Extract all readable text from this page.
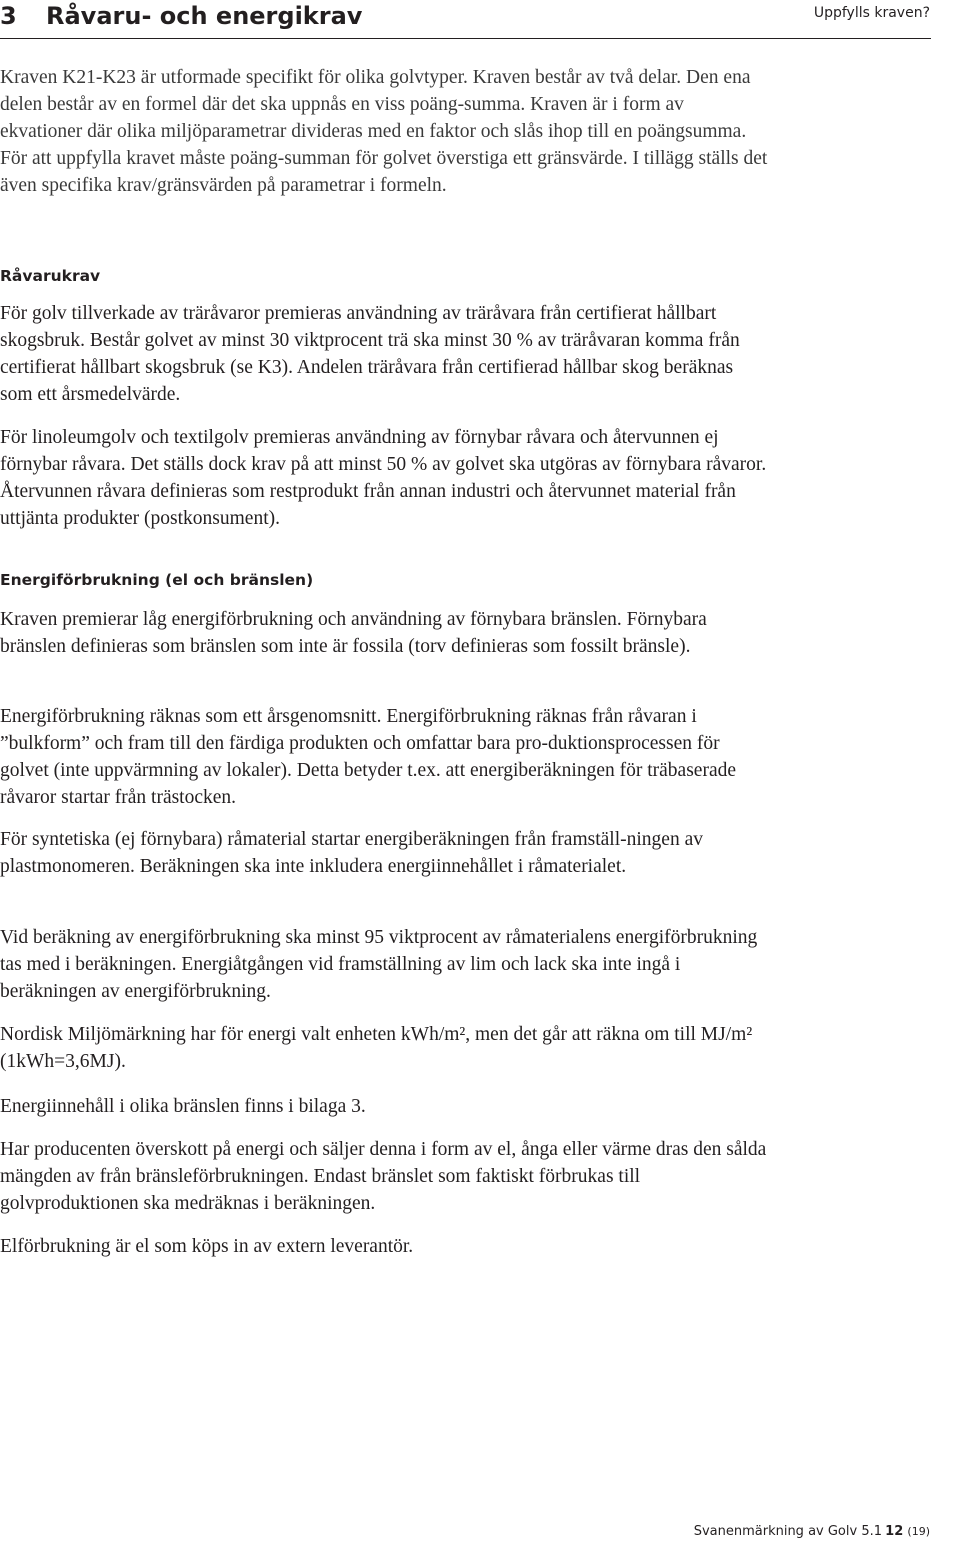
3 Råvaru- och energikrav	Uppfylls kraven?

Kraven K21-K23 är utformade specifikt för olika golvtyper. Kraven består av två delar. Den ena delen består av en formel där det ska uppnås en viss poäng-summa. Kraven är i form av ekvationer där olika miljöparametrar divideras med en faktor och slås ihop till en poängsumma. För att uppfylla kravet måste poäng-summan för golvet överstiga ett gränsvärde. I tillägg ställs det även specifika krav/gränsvärden på parametrar i formeln.

Råvarukrav

För golv tillverkade av träråvaror premieras användning av träråvara från certifierat hållbart skogsbruk. Består golvet av minst 30 viktprocent trä ska minst 30 % av träråvaran komma från certifierat hållbart skogsbruk (se K3). Andelen träråvara från certifierad hållbar skog beräknas som ett årsmedelvärde.

För linoleumgolv och textilgolv premieras användning av förnybar råvara och återvunnen ej förnybar råvara. Det ställs dock krav på att minst 50 % av golvet ska utgöras av förnybara råvaror. Återvunnen råvara definieras som restprodukt från annan industri och återvunnet material från uttjänta produkter (postkonsument).

Energiförbrukning (el och bränslen)

Kraven premierar låg energiförbrukning och användning av förnybara bränslen. Förnybara bränslen definieras som bränslen som inte är fossila (torv definieras som fossilt bränsle).

Energiförbrukning räknas som ett årsgenomsnitt. Energiförbrukning räknas från råvaran i ”bulkform” och fram till den färdiga produkten och omfattar bara pro-duktionsprocessen för golvet (inte uppvärmning av lokaler). Detta betyder t.ex. att energiberäkningen för träbaserade råvaror startar från trästocken.

För syntetiska (ej förnybara) råmaterial startar energiberäkningen från framställ-ningen av plastmonomeren. Beräkningen ska inte inkludera energiinnehållet i råmaterialet.

Vid beräkning av energiförbrukning ska minst 95 viktprocent av råmaterialens energiförbrukning tas med i beräkningen. Energiåtgången vid framställning av lim och lack ska inte ingå i beräkningen av energiförbrukning.

Nordisk Miljömärkning har för energi valt enheten kWh/m², men det går att räkna om till MJ/m² (1kWh=3,6MJ).

Energiinnehåll i olika bränslen finns i bilaga 3.

Har producenten överskott på energi och säljer denna i form av el, ånga eller värme dras den sålda mängden av från bränsleförbrukningen. Endast bränslet som faktiskt förbrukas till golvproduktionen ska medräknas i beräkningen.

Elförbrukning är el som köps in av extern leverantör.

Svanenmärkning av Golv 5.1 12 (19)
